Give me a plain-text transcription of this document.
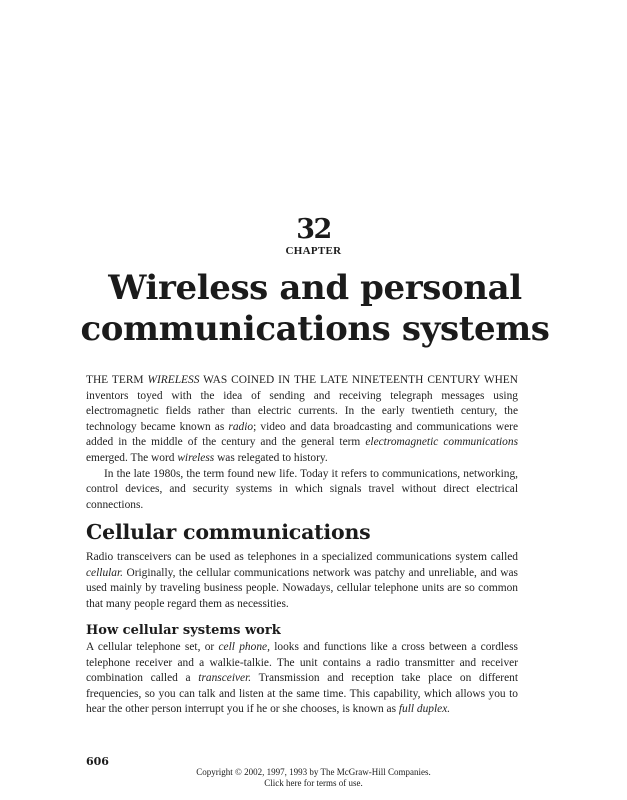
32
CHAPTER
Wireless and personal
communications systems

THE TERM WIRELESS WAS COINED IN THE LATE NINETEENTH CENTURY WHEN inventors toyed with the idea of sending and receiving telegraph messages using electromagnetic fields rather than electric currents. In the early twentieth century, the technology became known as radio; video and data broadcasting and communications were added in the middle of the century and the general term electromagnetic communications emerged. The word wireless was relegated to history.

In the late 1980s, the term found new life. Today it refers to communications, networking, control devices, and security systems in which signals travel without direct electrical connections.

Cellular communications

Radio transceivers can be used as telephones in a specialized communications system called cellular. Originally, the cellular communications network was patchy and unreliable, and was used mainly by traveling business people. Nowadays, cellular telephone units are so common that many people regard them as necessities.

How cellular systems work

A cellular telephone set, or cell phone, looks and functions like a cross between a cordless telephone receiver and a walkie-talkie. The unit contains a radio transmitter and receiver combination called a transceiver. Transmission and reception take place on different frequencies, so you can talk and listen at the same time. This capability, which allows you to hear the other person interrupt you if he or she chooses, is known as full duplex.

606
Copyright © 2002, 1997, 1993 by The McGraw-Hill Companies.
Click here for terms of use.
